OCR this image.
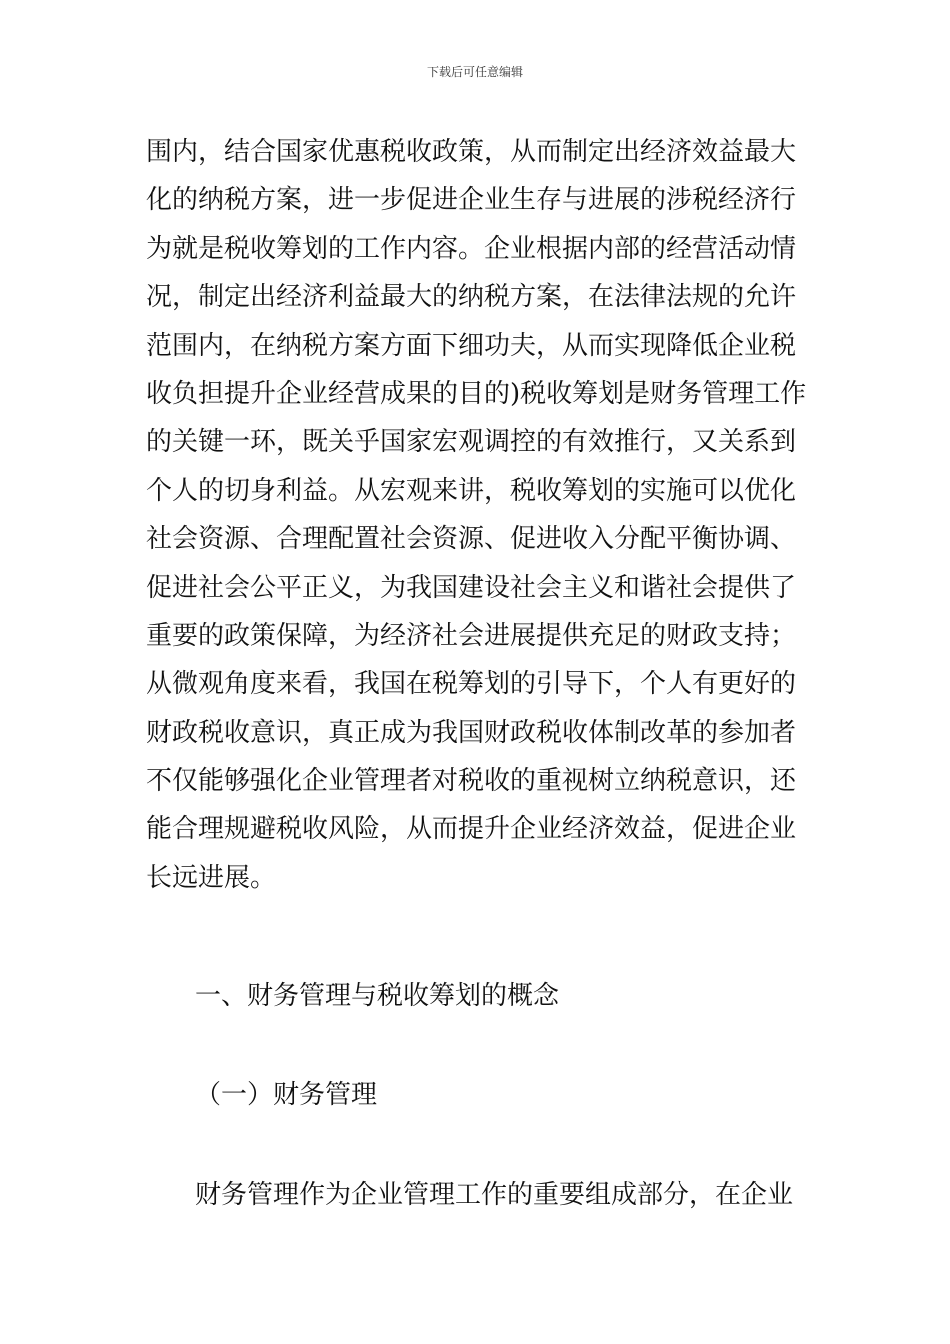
下载后可任意编辑
围内，结合国家优惠税收政策，从而制定出经济效益最大
化的纳税方案，进一步促进企业生存与进展的涉税经济行
为就是税收筹划的工作内容。企业根据内部的经营活动情
况，制定出经济利益最大的纳税方案，在法律法规的允许
范围内，在纳税方案方面下细功夫，从而实现降低企业税
收负担提升企业经营成果的目的)税收筹划是财务管理工作
的关键一环，既关乎国家宏观调控的有效推行，又关系到
个人的切身利益。从宏观来讲，税收筹划的实施可以优化
社会资源、合理配置社会资源、促进收入分配平衡协调、
促进社会公平正义，为我国建设社会主义和谐社会提供了
重要的政策保障，为经济社会进展提供充足的财政支持；
从微观角度来看，我国在税筹划的引导下，个人有更好的
财政税收意识，真正成为我国财政税收体制改革的参加者
不仅能够强化企业管理者对税收的重视树立纳税意识，还
能合理规避税收风险，从而提升企业经济效益，促进企业
长远进展。
一、财务管理与税收筹划的概念
（一）财务管理
财务管理作为企业管理工作的重要组成部分，在企业
